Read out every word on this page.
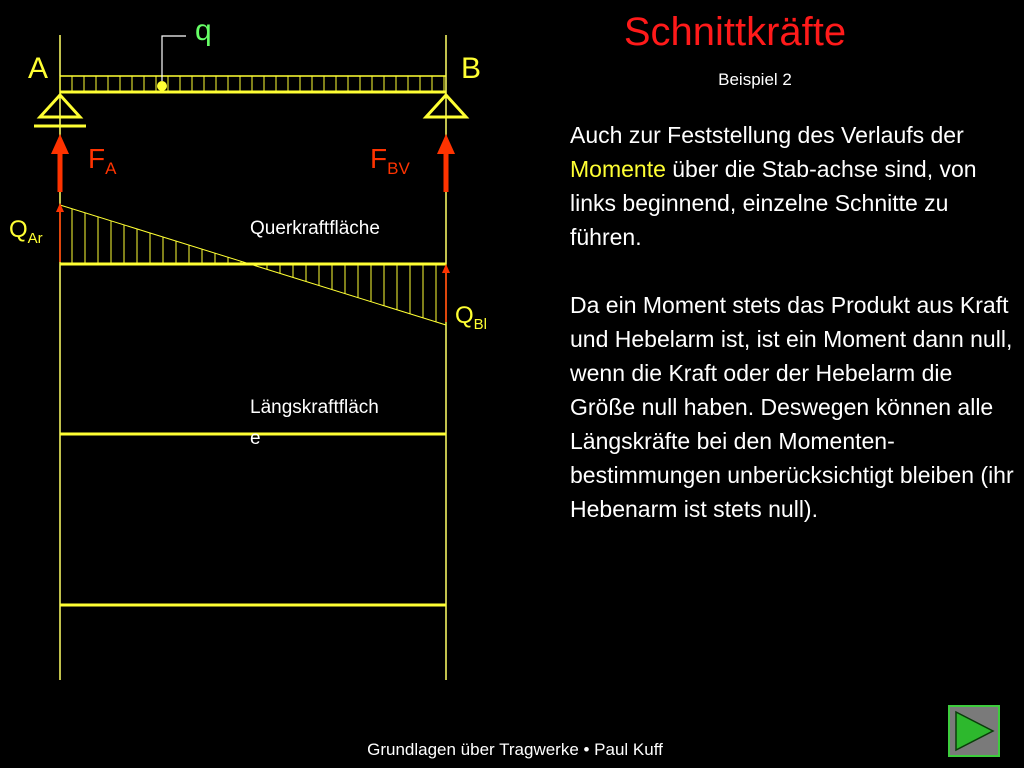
q
A	B
$F_A$	$F_{BV}$
$Q_{Ar}$
$Q_{Bl}$
Querkraftfläche
Längskraftfläch
e
Schnittkräfte
Beispiel 2

Auch zur Feststellung des Verlaufs der Momente über die Stab-achse sind, von links beginnend, einzelne Schnitte zu führen.

Da ein Moment stets das Produkt aus Kraft und Hebelarm ist, ist ein Moment dann null, wenn die Kraft oder der Hebelarm die Größe null haben. Deswegen können alle Längskräfte bei den Momenten-bestimmungen unberücksichtigt bleiben (ihr Hebenarm ist stets null).

Grundlagen über Tragwerke • Paul Kuff
